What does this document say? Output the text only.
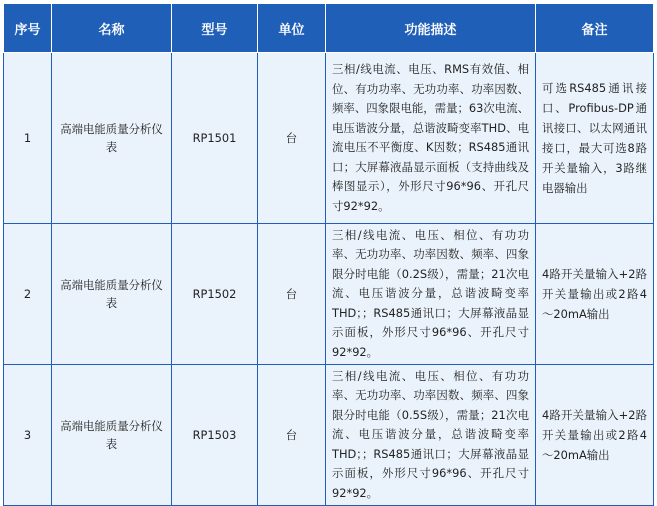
序号	名称	型号	单位	功能描述	备注
1	高端电能质量分析仪表	RP1501	台	三相/线电流、电压、RMS有效值、相位、有功功率、无功功率、功率因数、频率、四象限电能，需量；63次电流、电压谐波分量，总谐波畸变率THD、电流电压不平衡度、K因数；RS485通讯口；大屏幕液晶显示面板（支持曲线及棒图显示），外形尺寸96*96、开孔尺寸92*92。	可选RS485通讯接口、Profibus-DP通讯接口、以太网通讯接口，最大可选8路开关量输入，3路继电器输出
2	高端电能质量分析仪表	RP1502	台	三相/线电流、电压、相位、有功功率、无功功率、功率因数、频率、四象限分时电能（0.2S级），需量；21次电流、电压谐波分量，总谐波畸变率THD；；RS485通讯口；大屏幕液晶显示面板，外形尺寸96*96、开孔尺寸92*92。	4路开关量输入+2路开关量输出或2路4～20mA输出
3	高端电能质量分析仪表	RP1503	台	三相/线电流、电压、相位、有功功率、无功功率、功率因数、频率、四象限分时电能（0.5S级），需量；21次电流、电压谐波分量，总谐波畸变率THD；；RS485通讯口；大屏幕液晶显示面板，外形尺寸96*96、开孔尺寸92*92。	4路开关量输入+2路开关量输出或2路4～20mA输出
